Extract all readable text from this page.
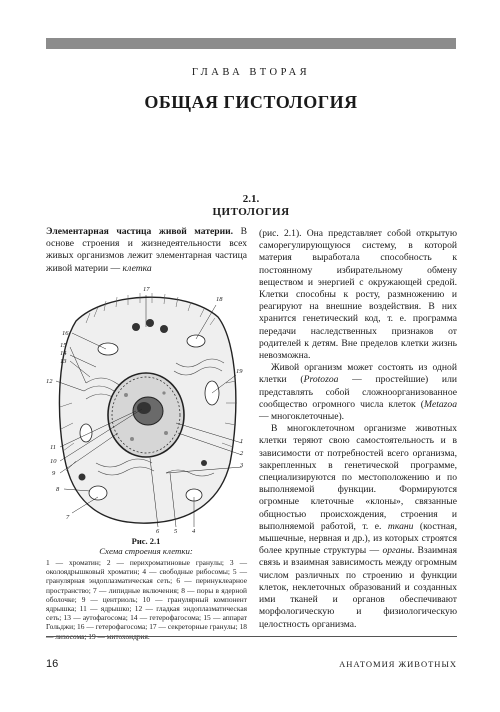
ГЛАВА ВТОРАЯ
ОБЩАЯ ГИСТОЛОГИЯ
2.1.
ЦИТОЛОГИЯ
Элементарная частица живой материи. В основе строения и жизнедеятельности всех живых организмов лежит элементарная частица живой материи — клетка
17
18
16
15
14
13
12
19
1
2
3
11
10
9
8
7
6 5 4
Рис. 2.1
Схема строения клетки:
1 — хроматин; 2 — перихроматиновые гранулы; 3 — околоядрышковый хроматин; 4 — свободные рибосомы; 5 — гранулярная эндоплазматическая сеть; 6 — перинуклеарное пространство; 7 — липидные включения; 8 — поры в ядерной оболочке; 9 — центриоль; 10 — гранулярный компонент ядрышка; 11 — ядрышко; 12 — гладкая эндоплазматическая сеть; 13 — аутофагосома; 14 — гетерофагосома; 15 — аппарат Гольджи; 16 — гетерофагосома; 17 — секреторные гранулы; 18 — лизосома; 19 — митохондрия.

(рис. 2.1). Она представляет собой открытую саморегулирующуюся систему, в которой материя выработала способность к постоянному избирательному обмену веществом и энергией с окружающей средой. Клетки способны к росту, размножению и реагируют на внешние воздействия. В них хранится генетический код, т. е. программа передачи наследственных признаков от родителей к детям. Вне пределов клетки жизнь невозможна.

Живой организм может состоять из одной клетки (Protozoa — простейшие) или представлять собой сложноорганизованное сообщество огромного числа клеток (Metazoa — многоклеточные).

В многоклеточном организме животных клетки теряют свою самостоятельность и в зависимости от потребностей всего организма, закрепленных в генетической программе, специализируются по местоположению и по выполняемой функции. Формируются огромные клеточные «клоны», связанные общностью происхождения, строения и выполняемой работой, т. е. ткани (костная, мышечные, нервная и др.), из которых строятся более крупные структуры — органы. Взаимная связь и взаимная зависимость между огромным числом различных по строению и функции клеток, неклеточных образований и созданных ими тканей и органов обеспечивают морфологическую и физиологическую целостность организма.

16	АНАТОМИЯ ЖИВОТНЫХ
